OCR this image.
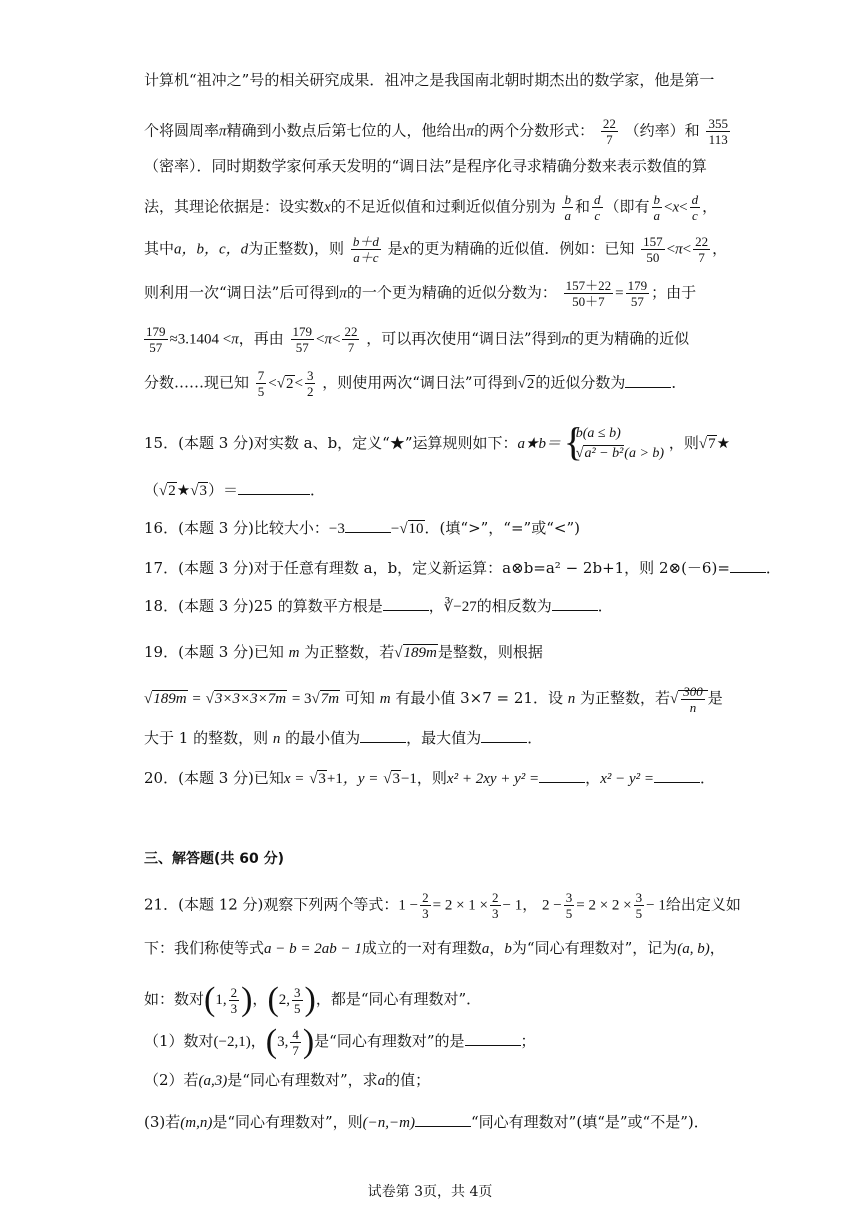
计算机“祖冲之”号的相关研究成果．祖冲之是我国南北朝时期杰出的数学家，他是第一
个将圆周率π精确到小数点后第七位的人，他给出π的两个分数形式： $\frac{22}{7}$ （约率）和 $\frac{355}{113}$
（密率）．同时期数学家何承天发明的“调日法”是程序化寻求精确分数来表示数值的算
法，其理论依据是：设实数x的不足近似值和过剩近似值分别为 $\frac{b}{a}$ 和 $\frac{d}{c}$ （即有 $\frac{b}{a} <x< \frac{d}{c}$ ，
其中a，b，c，d为正整数)，则 $\frac{b+d}{a+c}$ 是x的更为精确的近似值．例如：已知 $\frac{157}{50} <\pi< \frac{22}{7}$ ，
则利用一次“调日法”后可得到π的一个更为精确的近似分数为： $\frac{157+22}{50+7} = \frac{179}{57}$ ；由于
$\frac{179}{57} \approx 3.1404 <\pi$，再由 $\frac{179}{57} <\pi< \frac{22}{7}$ ，可以再次使用“调日法”得到π的更为精确的近似
分数……现已知 $\frac{7}{5} <√2< \frac{3}{2}$ ，则使用两次“调日法”可得到√2的近似分数为	．
15．(本题 3 分)对实数 a、b，定义“★”运算规则如下：a★b＝
{ b(a ≤ b)
√a² − b²(a > b)
，则√7★
（√2★√3）＝	．
16．(本题 3 分)比较大小：−3	−√10．(填“>”，“=”或“<”)
17．(本题 3 分)对于任意有理数 a，b，定义新运算：a⊗b=a² − 2b+1，则 2⊗(－6)= ．
18．(本题 3 分)25 的算数平方根是	，∛−27的相反数为	．
19．(本题 3 分)已知 m 为正整数，若√189m是整数，则根据
√189m = √3×3×3×7m = 3√7m 可知 m 有最小值 3×7 = 21．设 n 为正整数，若√ $\frac{300}{n}$ 是
大于 1 的整数，则 n 的最小值为	，最大值为	．
20．(本题 3 分)已知x = √3+1，y = √3−1，则x² + 2xy + y² =	，x² − y² =	．
三、解答题(共 60 分)
21．(本题 12 分)观察下列两个等式：$1 - \frac{2}{3} = 2 \times 1 \times \frac{2}{3} - 1$， $2 - \frac{3}{5} = 2 \times 2 \times \frac{3}{5} - 1$给出定义如
下：我们称使等式a − b = 2ab − 1成立的一对有理数a，b为“同心有理数对”，记为(a, b)，
如：数对(1, $\frac{2}{3}$ )，(2, $\frac{3}{5}$ )，都是“同心有理数对”．
（1）数对(−2,1)，(3, $\frac{4}{7}$ )是“同心有理数对”的是	；
（2）若(a,3)是“同心有理数对”，求a的值；
(3)若(m,n)是“同心有理数对”，则(−n,−m)	“同心有理数对”(填“是”或“不是”)．
试卷第 3页，共 4页
